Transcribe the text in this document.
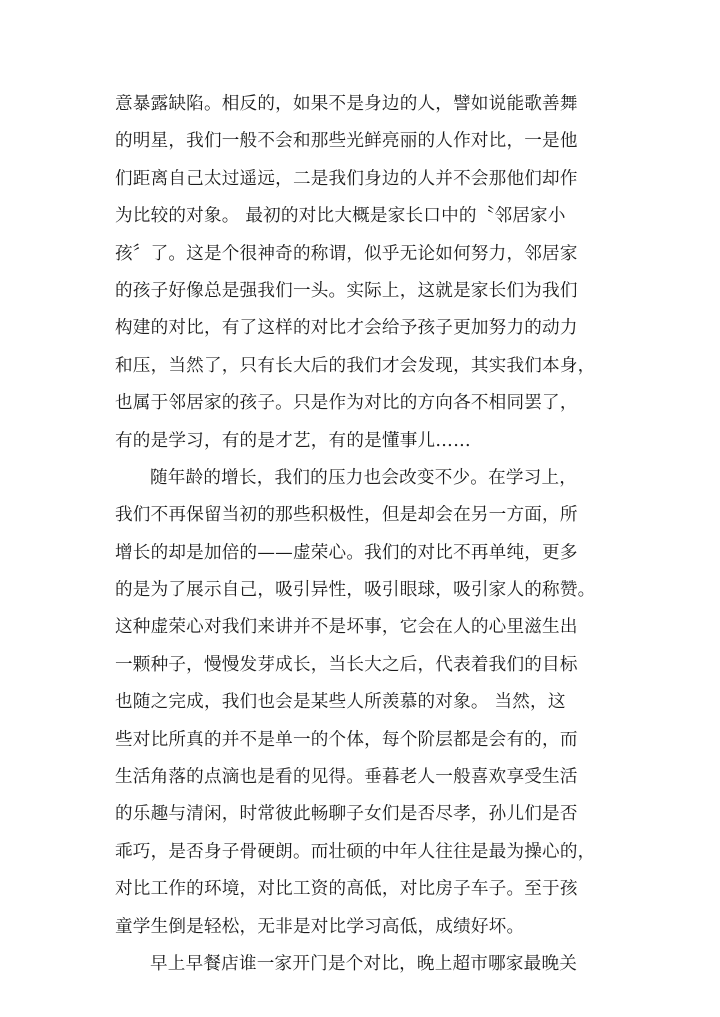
意暴露缺陷。相反的，如果不是身边的人，譬如说能歌善舞
的明星，我们一般不会和那些光鲜亮丽的人作对比，一是他
们距离自己太过遥远，二是我们身边的人并不会那他们却作
为比较的对象。 最初的对比大概是家长口中的〝邻居家小
孩〞了。这是个很神奇的称谓，似乎无论如何努力，邻居家
的孩子好像总是强我们一头。实际上，这就是家长们为我们
构建的对比，有了这样的对比才会给予孩子更加努力的动力
和压，当然了，只有长大后的我们才会发现，其实我们本身，
也属于邻居家的孩子。只是作为对比的方向各不相同罢了，
有的是学习，有的是才艺，有的是懂事儿……
随年龄的增长，我们的压力也会改变不少。在学习上，
我们不再保留当初的那些积极性，但是却会在另一方面，所
增长的却是加倍的——虚荣心。我们的对比不再单纯，更多
的是为了展示自己，吸引异性，吸引眼球，吸引家人的称赞。
这种虚荣心对我们来讲并不是坏事，它会在人的心里滋生出
一颗种子，慢慢发芽成长，当长大之后，代表着我们的目标
也随之完成，我们也会是某些人所羡慕的对象。 当然，这
些对比所真的并不是单一的个体，每个阶层都是会有的，而
生活角落的点滴也是看的见得。垂暮老人一般喜欢享受生活
的乐趣与清闲，时常彼此畅聊子女们是否尽孝，孙儿们是否
乖巧，是否身子骨硬朗。而壮硕的中年人往往是最为操心的，
对比工作的环境，对比工资的高低，对比房子车子。至于孩
童学生倒是轻松，无非是对比学习高低，成绩好坏。
早上早餐店谁一家开门是个对比，晚上超市哪家最晚关
